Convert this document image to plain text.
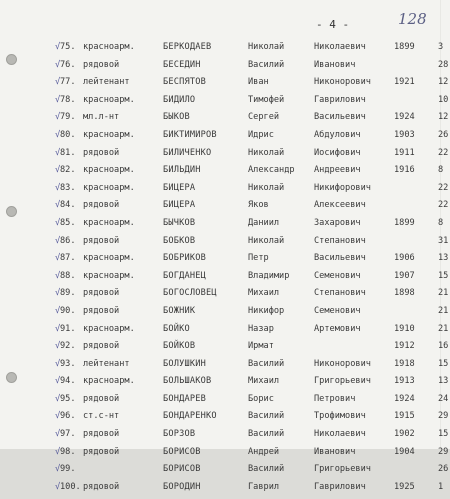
- 4 -	128
√ 75. красноарм.	БЕРКОДАЕВ	Николай	Николаевич	1899	3
√ 76. рядовой	БЕСЕДИН	Василий	Иванович	28
√ 77. лейтенант	БЕСПЯТОВ	Иван	Никонорович	1921	12
√ 78. красноарм.	БИДИЛО	Тимофей	Гаврилович	10
√ 79. мл.л-нт	БЫКОВ	Сергей	Васильевич	1924	12
√ 80. красноарм.	БИКТИМИРОВ	Идрис	Абдулович	1903	26
√ 81. рядовой	БИЛИЧЕНКО	Николай	Иосифович	1911	22
√ 82. красноарм.	БИЛЬДИН	Александр Андреевич	1916	8
√ 83. красноарм.	БИЦЕРА	Николай	Никифорович	22
√ 84. рядовой	БИЦЕРА	Яков	Алексеевич	22
√ 85. красноарм.	БЫЧКОВ	Даниил	Захарович	1899	8
√ 86. рядовой	БОБКОВ	Николай	Степанович	31
√ 87. красноарм.	БОБРИКОВ	Петр	Васильевич	1906	13
√ 88. красноарм.	БОГДАНЕЦ	Владимир	Семенович	1907	15
√ 89. рядовой	БОГОСЛОВЕЦ	Михаил	Степанович	1898	21
√ 90. рядовой	БОЖНИК	Никифор	Семенович	21
√ 91. красноарм.	БОЙКО	Назар	Артемович	1910	21
√ 92. рядовой	БОЙКОВ	Ирмат	1912	16
√ 93. лейтенант	БОЛУШКИН	Василий	Никонорович	1918	15
√ 94. красноарм.	БОЛЬШАКОВ	Михаил	Григорьевич	1913	13
√ 95. рядовой	БОНДАРЕВ	Борис	Петрович	1924	24
√ 96. ст.с-нт	БОНДАРЕНКО	Василий	Трофимович	1915	29
√ 97. рядовой	БОРЗОВ	Василий	Николаевич	1902	15
√ 98. рядовой	БОРИСОВ	Андрей	Иванович	1904	29
√ 99.	БОРИСОВ	Василий	Григорьевич	26
√ 100. рядовой	БОРОДИН	Гаврил	Гаврилович	1925	1
